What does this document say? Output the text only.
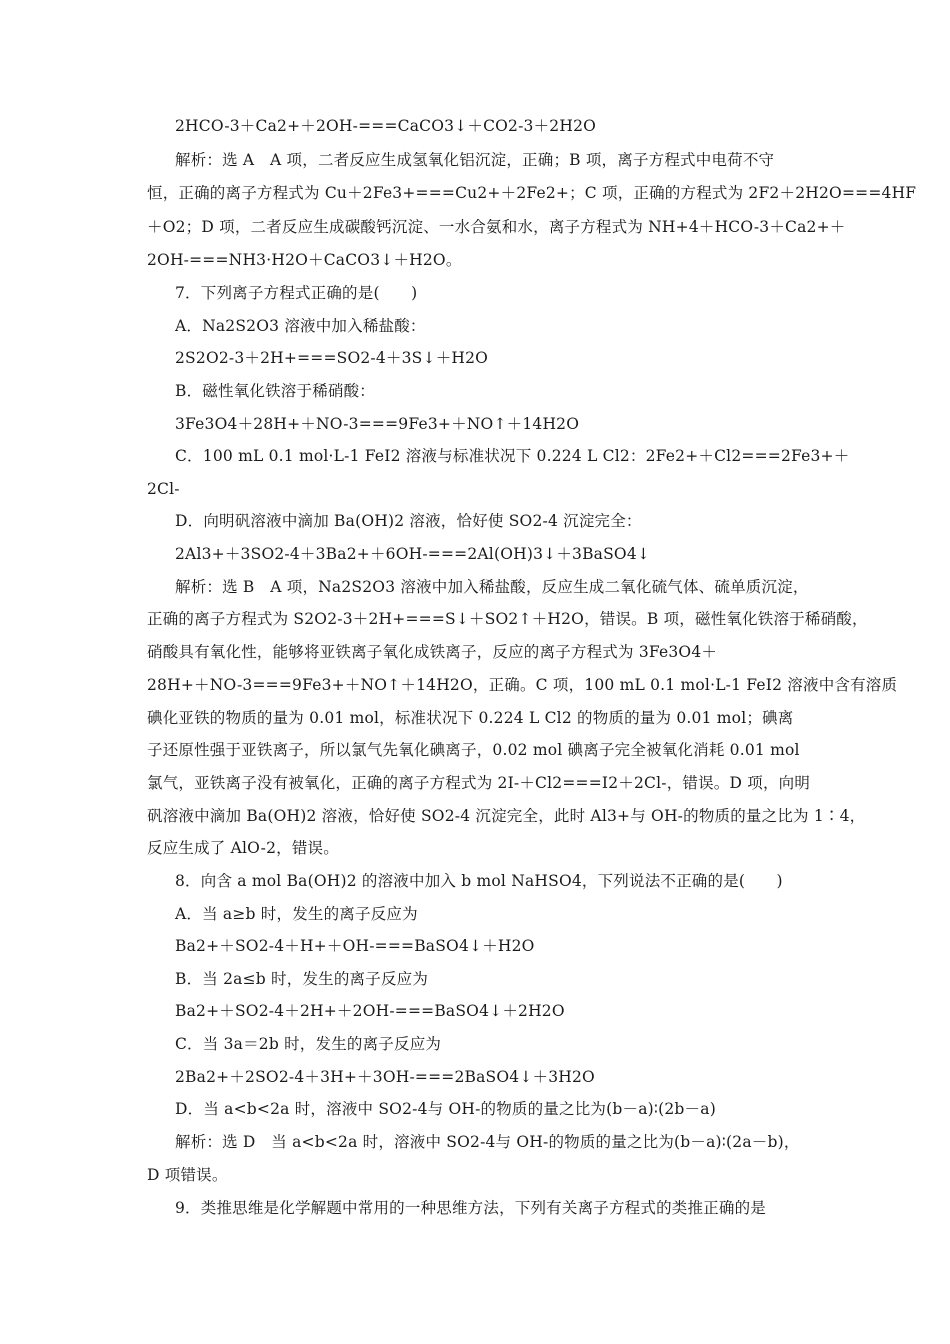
2HCO-3＋Ca2+＋2OH-===CaCO3↓＋CO2-3＋2H2O
解析：选 A　A 项，二者反应生成氢氧化铝沉淀，正确；B 项，离子方程式中电荷不守
恒，正确的离子方程式为 Cu＋2Fe3+===Cu2+＋2Fe2+；C 项，正确的方程式为 2F2＋2H2O===4HF
＋O2；D 项，二者反应生成碳酸钙沉淀、一水合氨和水，离子方程式为 NH+4＋HCO-3＋Ca2+＋
2OH-===NH3·H2O＋CaCO3↓＋H2O。
7．下列离子方程式正确的是(　　)
A．Na2S2O3 溶液中加入稀盐酸：
2S2O2-3＋2H+===SO2-4＋3S↓＋H2O
B．磁性氧化铁溶于稀硝酸：
3Fe3O4＋28H+＋NO-3===9Fe3+＋NO↑＋14H2O
C．100 mL 0.1 mol·L-1 FeI2 溶液与标准状况下 0.224 L Cl2：2Fe2+＋Cl2===2Fe3+＋
2Cl-
D．向明矾溶液中滴加 Ba(OH)2 溶液，恰好使 SO2-4 沉淀完全：
2Al3+＋3SO2-4＋3Ba2+＋6OH-===2Al(OH)3↓＋3BaSO4↓
解析：选 B　A 项，Na2S2O3 溶液中加入稀盐酸，反应生成二氧化硫气体、硫单质沉淀，
正确的离子方程式为 S2O2-3＋2H+===S↓＋SO2↑＋H2O，错误。B 项，磁性氧化铁溶于稀硝酸，
硝酸具有氧化性，能够将亚铁离子氧化成铁离子，反应的离子方程式为 3Fe3O4＋
28H+＋NO-3===9Fe3+＋NO↑＋14H2O，正确。C 项，100 mL 0.1 mol·L-1 FeI2 溶液中含有溶质
碘化亚铁的物质的量为 0.01 mol，标准状况下 0.224 L Cl2 的物质的量为 0.01 mol；碘离
子还原性强于亚铁离子，所以氯气先氧化碘离子，0.02 mol 碘离子完全被氧化消耗 0.01 mol
氯气，亚铁离子没有被氧化，正确的离子方程式为 2I-＋Cl2===I2＋2Cl-，错误。D 项，向明
矾溶液中滴加 Ba(OH)2 溶液，恰好使 SO2-4 沉淀完全，此时 Al3+与 OH-的物质的量之比为 1∶4，
反应生成了 AlO-2，错误。
8．向含 a mol Ba(OH)2 的溶液中加入 b mol NaHSO4，下列说法不正确的是(　　)
A．当 a≥b 时，发生的离子反应为
Ba2+＋SO2-4＋H+＋OH-===BaSO4↓＋H2O
B．当 2a≤b 时，发生的离子反应为
Ba2+＋SO2-4＋2H+＋2OH-===BaSO4↓＋2H2O
C．当 3a＝2b 时，发生的离子反应为
2Ba2+＋2SO2-4＋3H+＋3OH-===2BaSO4↓＋3H2O
D．当 a<b<2a 时，溶液中 SO2-4与 OH-的物质的量之比为(b－a)∶(2b－a)
解析：选 D　当 a<b<2a 时，溶液中 SO2-4与 OH-的物质的量之比为(b－a)∶(2a－b)，
D 项错误。
9．类推思维是化学解题中常用的一种思维方法，下列有关离子方程式的类推正确的是
